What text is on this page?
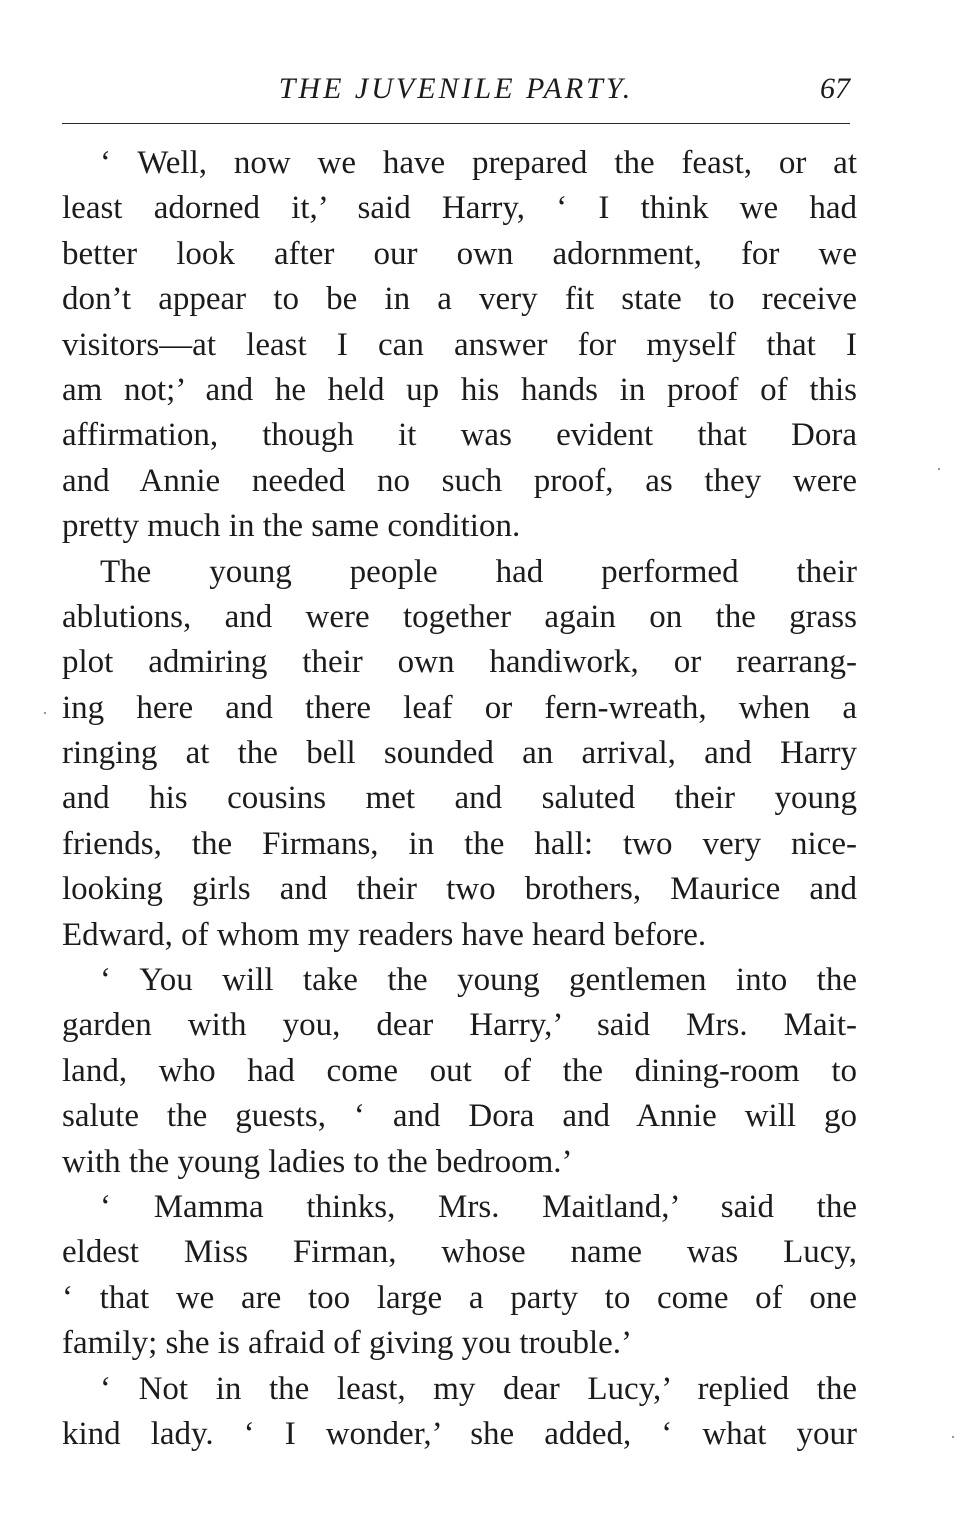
THE JUVENILE PARTY.	67
‘ Well, now we have prepared the feast, or at
least adorned it,’ said Harry, ‘ I think we had
better look after our own adornment, for we
don’t appear to be in a very fit state to receive
visitors—at least I can answer for myself that I
am not;’ and he held up his hands in proof of this
affirmation, though it was evident that Dora
and Annie needed no such proof, as they were
pretty much in the same condition.
The young people had performed their
ablutions, and were together again on the grass
plot admiring their own handiwork, or rearrang-
ing here and there leaf or fern-wreath, when a
ringing at the bell sounded an arrival, and Harry
and his cousins met and saluted their young
friends, the Firmans, in the hall: two very nice-
looking girls and their two brothers, Maurice and
Edward, of whom my readers have heard before.
‘ You will take the young gentlemen into the
garden with you, dear Harry,’ said Mrs. Mait-
land, who had come out of the dining-room to
salute the guests, ‘ and Dora and Annie will go
with the young ladies to the bedroom.’
‘ Mamma thinks, Mrs. Maitland,’ said the
eldest Miss Firman, whose name was Lucy,
‘ that we are too large a party to come of one
family; she is afraid of giving you trouble.’
‘ Not in the least, my dear Lucy,’ replied the
kind lady. ‘ I wonder,’ she added, ‘ what your
